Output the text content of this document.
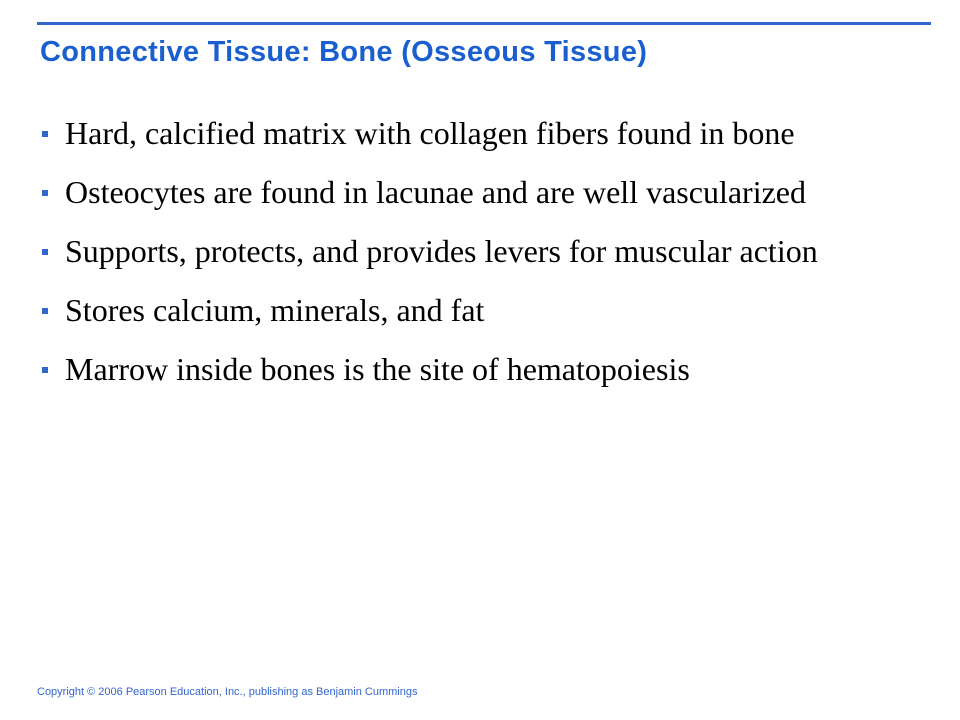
Connective Tissue: Bone (Osseous Tissue)
Hard, calcified matrix with collagen fibers found in bone
Osteocytes are found in lacunae and are well vascularized
Supports, protects, and provides levers for muscular action
Stores calcium, minerals, and fat
Marrow inside bones is the site of hematopoiesis
Copyright © 2006 Pearson Education, Inc., publishing as Benjamin Cummings
